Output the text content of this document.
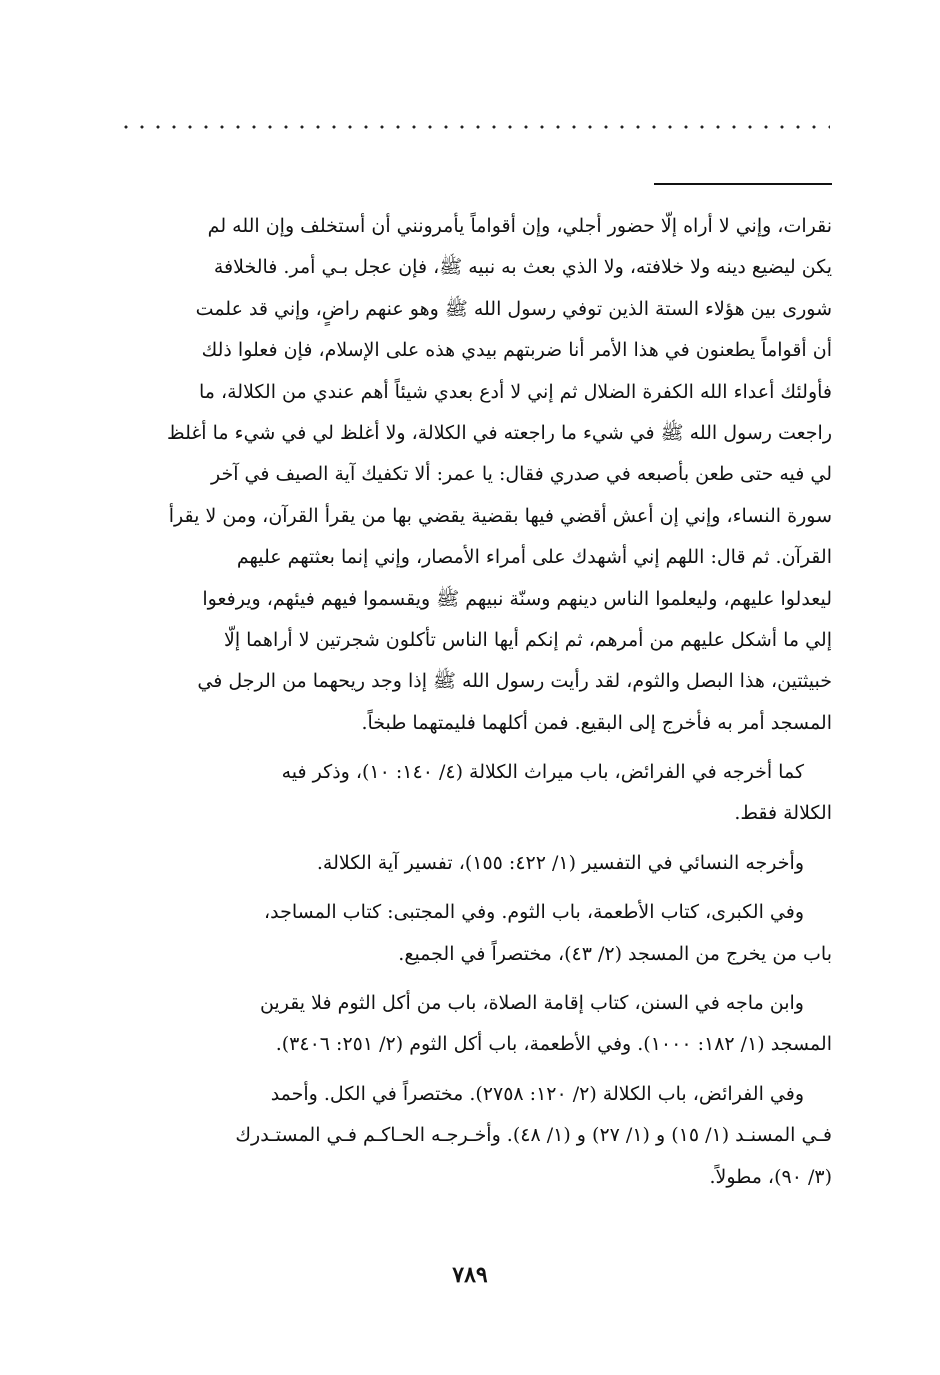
نقرات، وإني لا أراه إلّا حضور أجلي، وإن أقواماً يأمرونني أن أستخلف وإن الله لم
يكن ليضيع دينه ولا خلافته، ولا الذي بعث به نبيه ﷺ، فإن عجل بـي أمر. فالخلافة
شورى بين هؤلاء الستة الذين توفي رسول الله ﷺ وهو عنهم راضٍ، وإني قد علمت
أن أقواماً يطعنون في هذا الأمر أنا ضربتهم بيدي هذه على الإسلام، فإن فعلوا ذلك
فأولئك أعداء الله الكفرة الضلال ثم إني لا أدع بعدي شيئاً أهم عندي من الكلالة، ما
راجعت رسول الله ﷺ في شيء ما راجعته في الكلالة، ولا أغلظ لي في شيء ما أغلظ
لي فيه حتى طعن بأصبعه في صدري فقال: يا عمر: ألا تكفيك آية الصيف في آخر
سورة النساء، وإني إن أعش أقضي فيها بقضية يقضي بها من يقرأ القرآن، ومن لا يقرأ
القرآن. ثم قال: اللهم إني أشهدك على أمراء الأمصار، وإني إنما بعثتهم عليهم
ليعدلوا عليهم، وليعلموا الناس دينهم وسنّة نبيهم ﷺ ويقسموا فيهم فيئهم، ويرفعوا
إلي ما أشكل عليهم من أمرهم، ثم إنكم أيها الناس تأكلون شجرتين لا أراهما إلّا
خبيثتين، هذا البصل والثوم، لقد رأيت رسول الله ﷺ إذا وجد ريحهما من الرجل في
المسجد أمر به فأخرج إلى البقيع. فمن أكلهما فليمتهما طبخاً.
كما أخرجه في الفرائض، باب ميراث الكلالة (٤/ ١٤٠: ١٠)، وذكر فيه
الكلالة فقط.
وأخرجه النسائي في التفسير (١/ ٤٢٢: ١٥٥)، تفسير آية الكلالة.
وفي الكبرى، كتاب الأطعمة، باب الثوم. وفي المجتبى: كتاب المساجد،
باب من يخرج من المسجد (٢/ ٤٣)، مختصراً في الجميع.
وابن ماجه في السنن، كتاب إقامة الصلاة، باب من أكل الثوم فلا يقرين
المسجد (١/ ١٨٢: ١٠٠٠). وفي الأطعمة، باب أكل الثوم (٢/ ٢٥١: ٣٤٠٦).
وفي الفرائض، باب الكلالة (٢/ ١٢٠: ٢٧٥٨). مختصراً في الكل. وأحمد
فـي المسنـد (١/ ١٥) و (١/ ٢٧) و (١/ ٤٨). وأخـرجـه الحـاكـم فـي المستـدرك
(٣/ ٩٠)، مطولاً.
٧٨٩
